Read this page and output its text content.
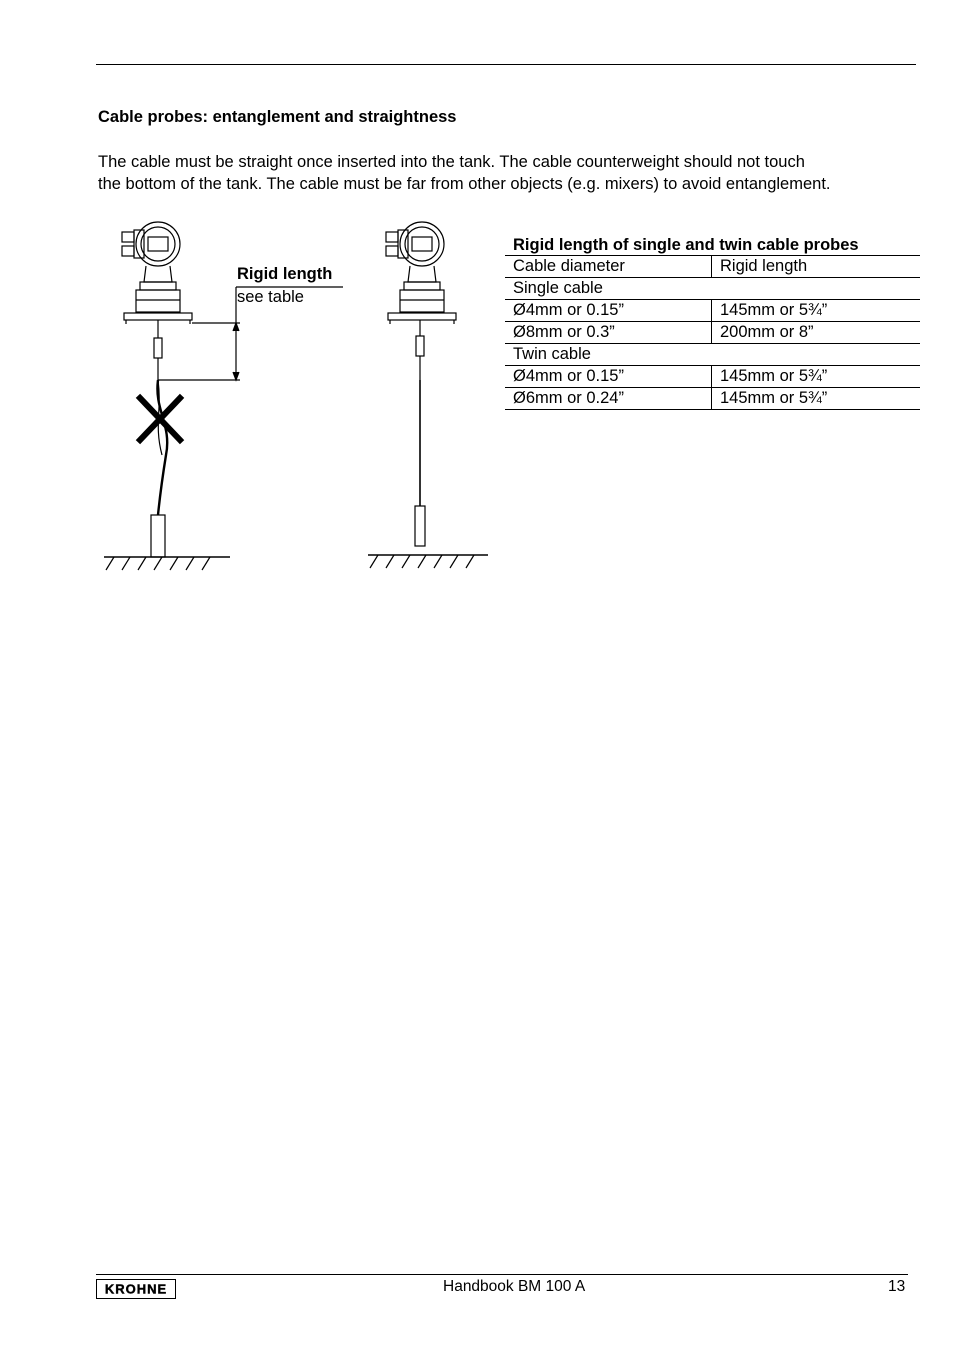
Cable probes: entanglement and straightness
The cable must be straight once inserted into the tank. The cable counterweight should not touch
the bottom of the tank. The cable must be far from other objects (e.g. mixers) to avoid entanglement.
Rigid length
see table
Rigid length of single and twin cable probes	
Cable diameter	Rigid length
Single cable	
Ø4mm or 0.15”	145mm or 5¾”
Ø8mm or 0.3”	200mm or 8”
Twin cable	
Ø4mm or 0.15”	145mm or 5¾”
Ø6mm or 0.24”	145mm or 5¾”
KROHNE	Handbook BM 100 A	13
